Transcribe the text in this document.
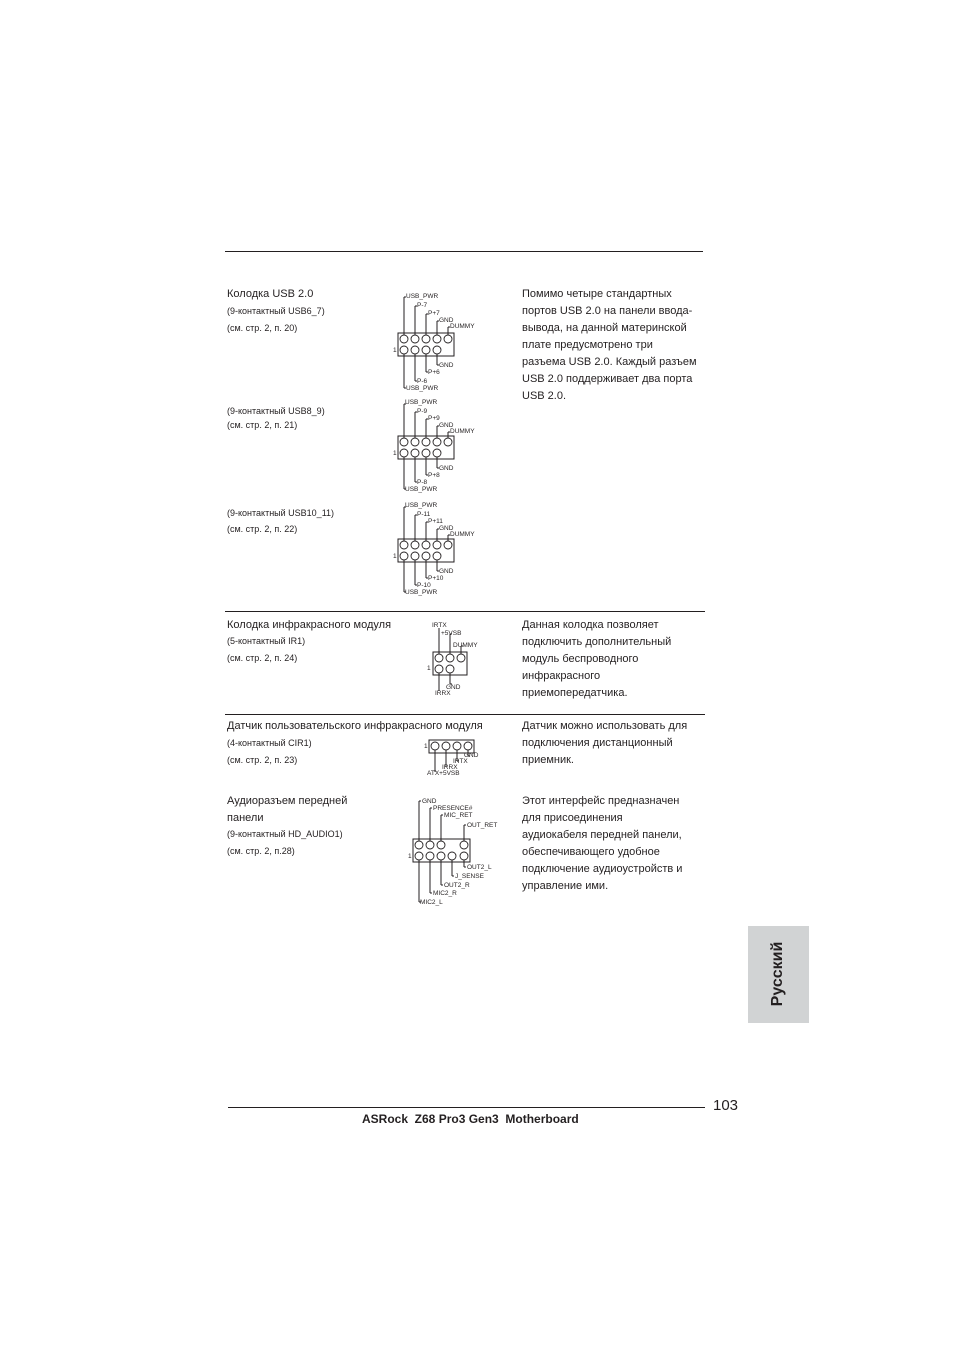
Колодка USB 2.0
(9-контактный USB6_7)
(см. стр. 2, п. 20)
(9-контактный USB8_9)
(см. стр. 2, п. 21)
(9-контактный USB10_11)
(см. стр. 2, п. 22)
Помимо четыре стандартных
портов USB 2.0 на панели ввода-
вывода, на данной материнской
плате предусмотрено три
разъема USB 2.0. Каждый разъем
USB 2.0 поддерживает два порта
USB 2.0.
USB_PWR
P-7
P+7
GND
DUMMY
GND
P+6
P-6
USB_PWR
1
USB_PWR
P-9
P+9
GND
DUMMY
GND
P+8
P-8
USB_PWR
1
USB_PWR
P-11
P+11
GND
DUMMY
GND
P+10
P-10
USB_PWR
1
Колодка инфракрасного модуля
(5-контактный IR1)
(см. стр. 2, п. 24)
Данная колодка позволяет
подключить дополнительный
модуль беспроводного
инфракрасного
приемопередатчика.
IRTX
+5VSB
DUMMY
GND
IRRX
1
Датчик пользовательского инфракрасного модуля
(4-контактный CIR1)
(см. стр. 2, п. 23)
Датчик можно использовать для
подключения дистанционный
приемник.
GND
IRTX
IRRX
ATX+5VSB
1
Аудиоразъем передней
панели
(9-контактный HD_AUDIO1)
(см. стр. 2, п.28)
Этот интерфейс предназначен
для присоединения
аудиокабеля передней панели,
обеспечивающего удобное
подключение аудиоустройств и
управление ими.
GND
PRESENCE#
MIC_RET
OUT_RET
OUT2_L
J_SENSE
OUT2_R
MIC2_R
MIC2_L
1
Русский
103
ASRock  Z68 Pro3 Gen3  Motherboard
